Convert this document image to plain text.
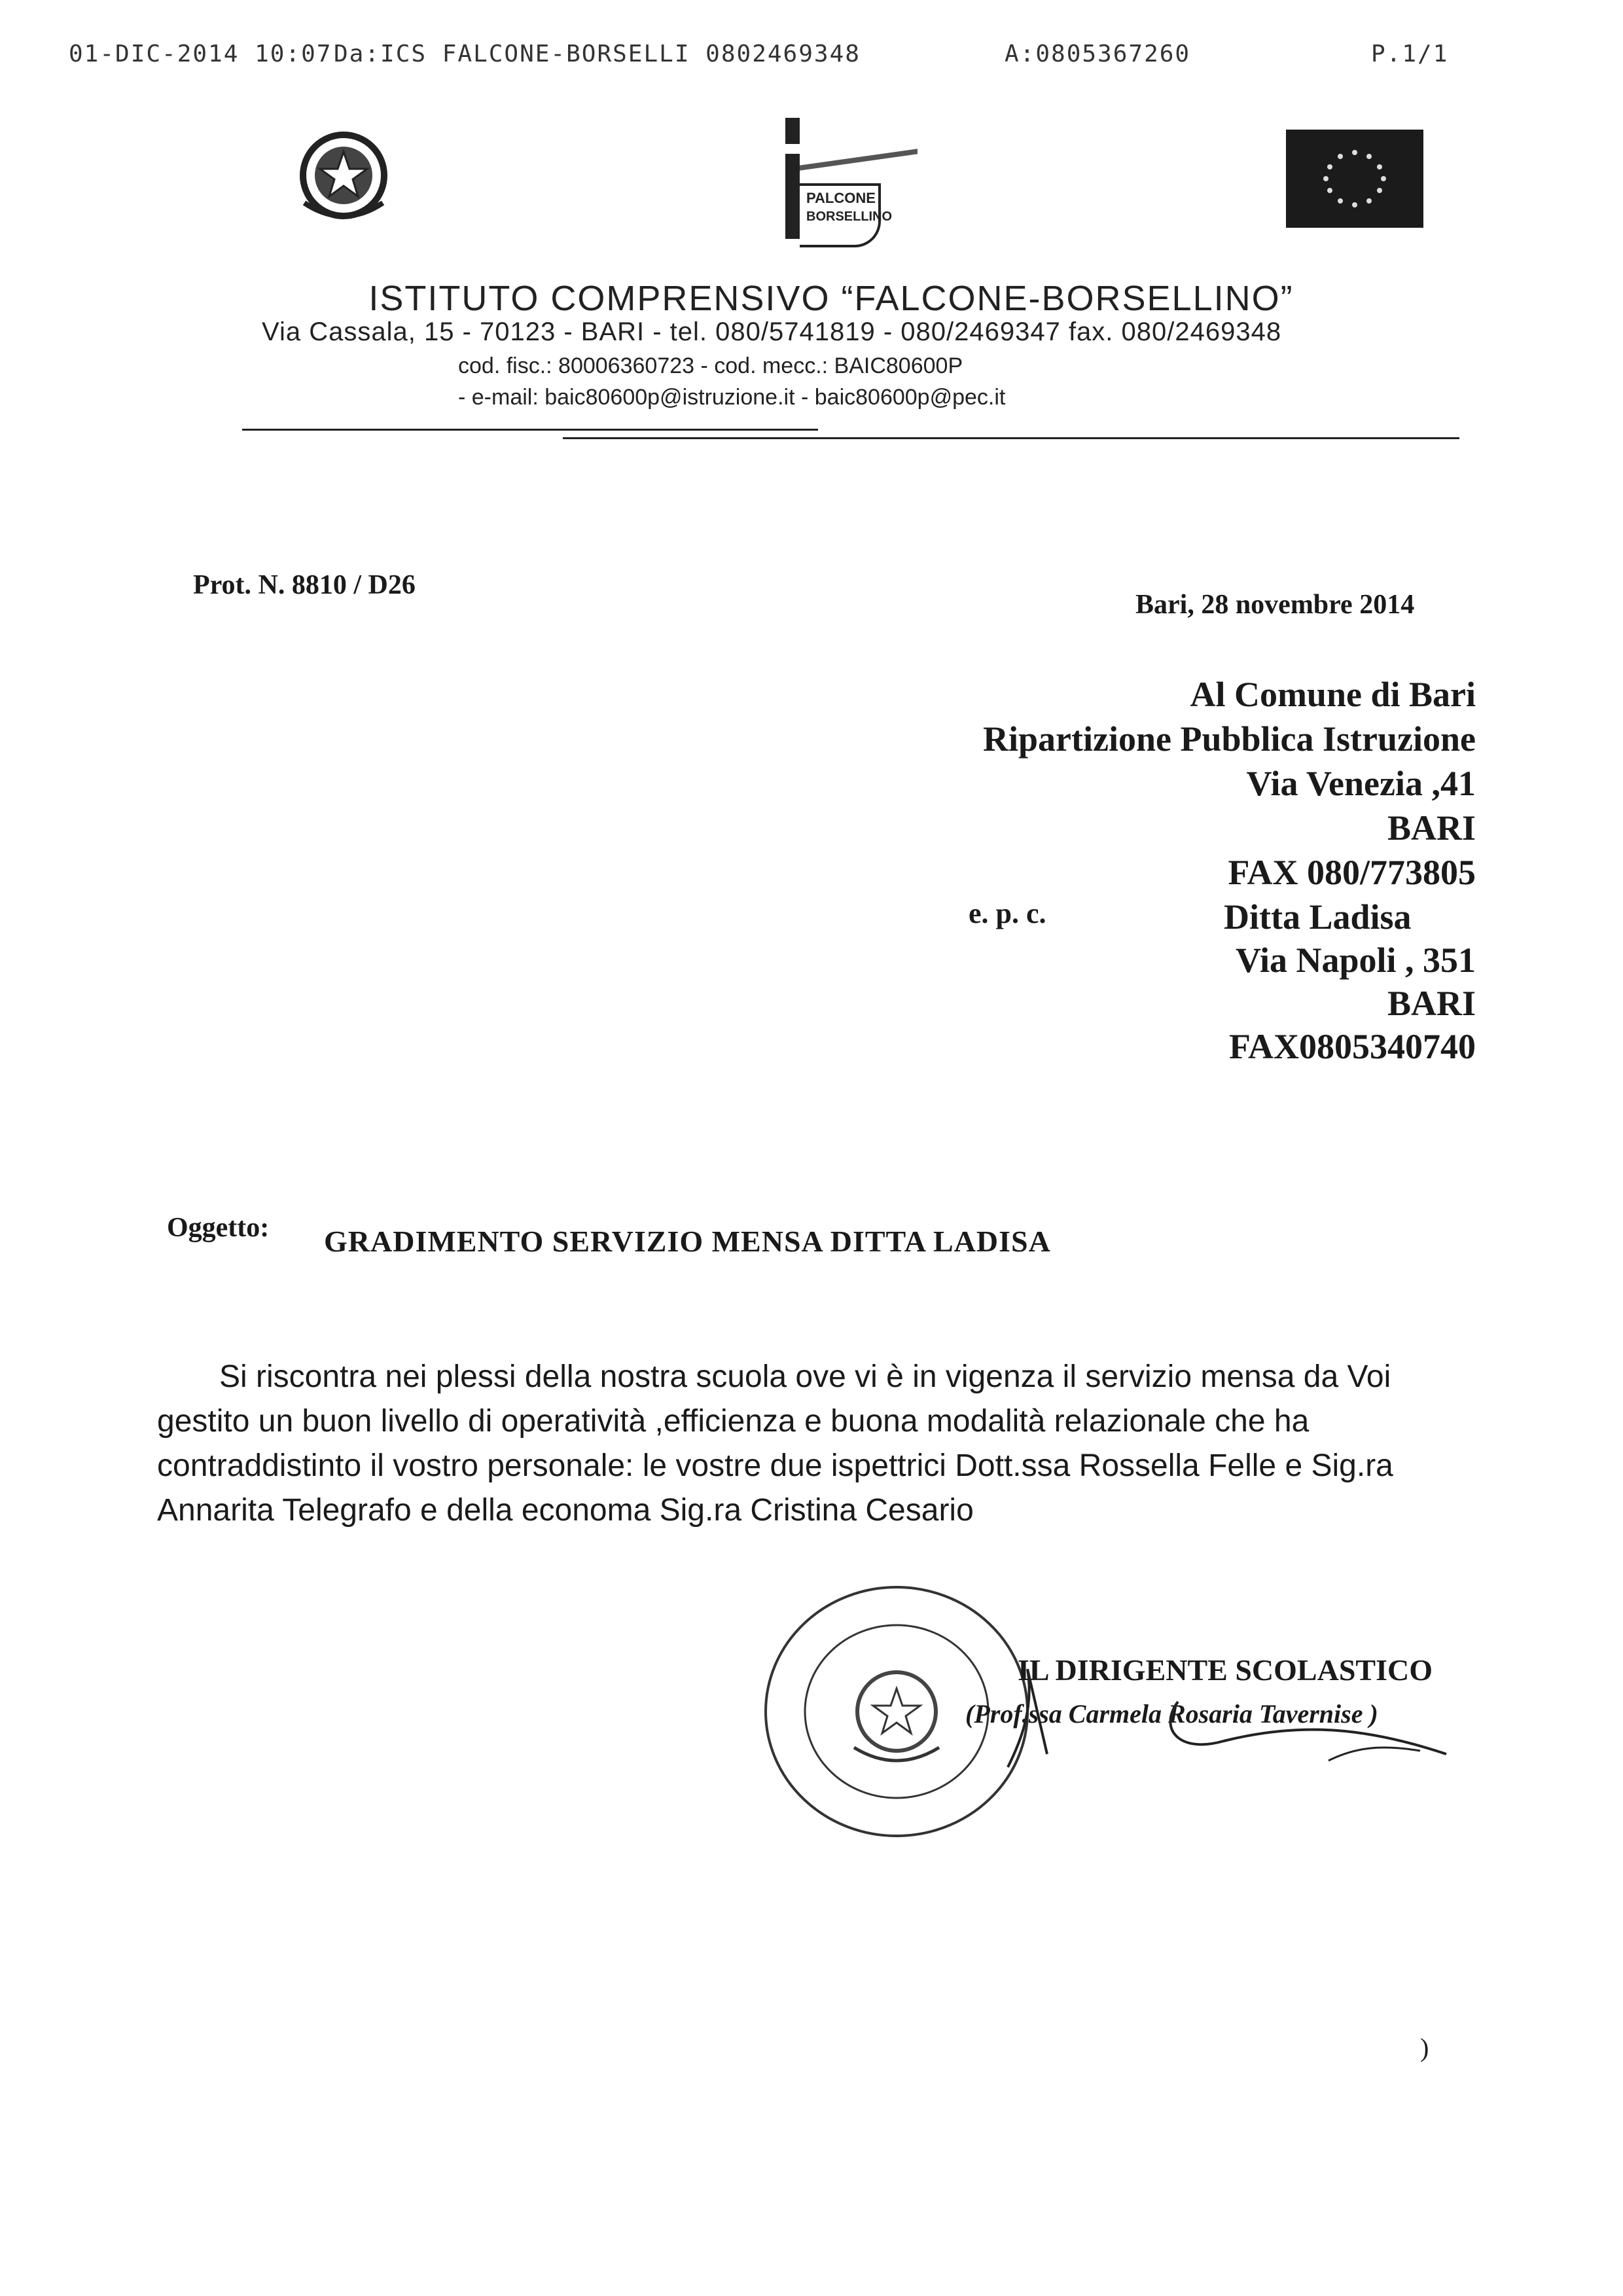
01-DIC-2014 10:07 Da:ICS FALCONE-BORSELLI 0802469348	A:0805367260	P.1/1
PALCONE
BORSELLINO
ISTITUTO COMPRENSIVO “FALCONE-BORSELLINO”
Via Cassala, 15 - 70123 - BARI - tel. 080/5741819 - 080/2469347 fax. 080/2469348
cod. fisc.: 80006360723 - cod. mecc.: BAIC80600P
- e-mail: baic80600p@istruzione.it - baic80600p@pec.it
Prot. N. 8810 / D26
Bari, 28 novembre 2014
Al Comune di Bari
Ripartizione Pubblica Istruzione
Via Venezia ,41
BARI
FAX 080/773805
e. p. c.	Ditta Ladisa
Via Napoli , 351
BARI
FAX0805340740
Oggetto: GRADIMENTO SERVIZIO MENSA DITTA LADISA

Si riscontra nei plessi della nostra scuola ove vi è in vigenza il servizio mensa da Voi gestito un buon livello di operatività ,efficienza e buona modalità relazionale che ha contraddistinto il vostro personale: le vostre due ispettrici Dott.ssa Rossella Felle e Sig.ra Annarita Telegrafo e della economa Sig.ra Cristina Cesario

IL DIRIGENTE SCOLASTICO
(Prof.ssa Carmela Rosaria Tavernise )
)
